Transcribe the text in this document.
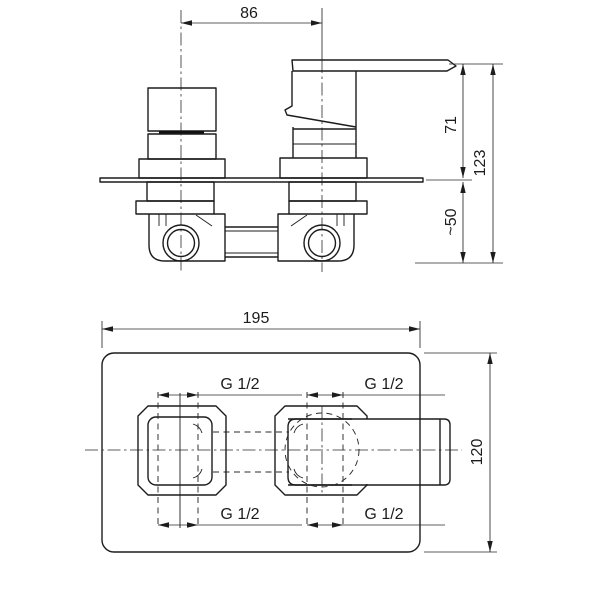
86
71
~50
123
195
G 1/2	G 1/2
G 1/2	G 1/2
120
